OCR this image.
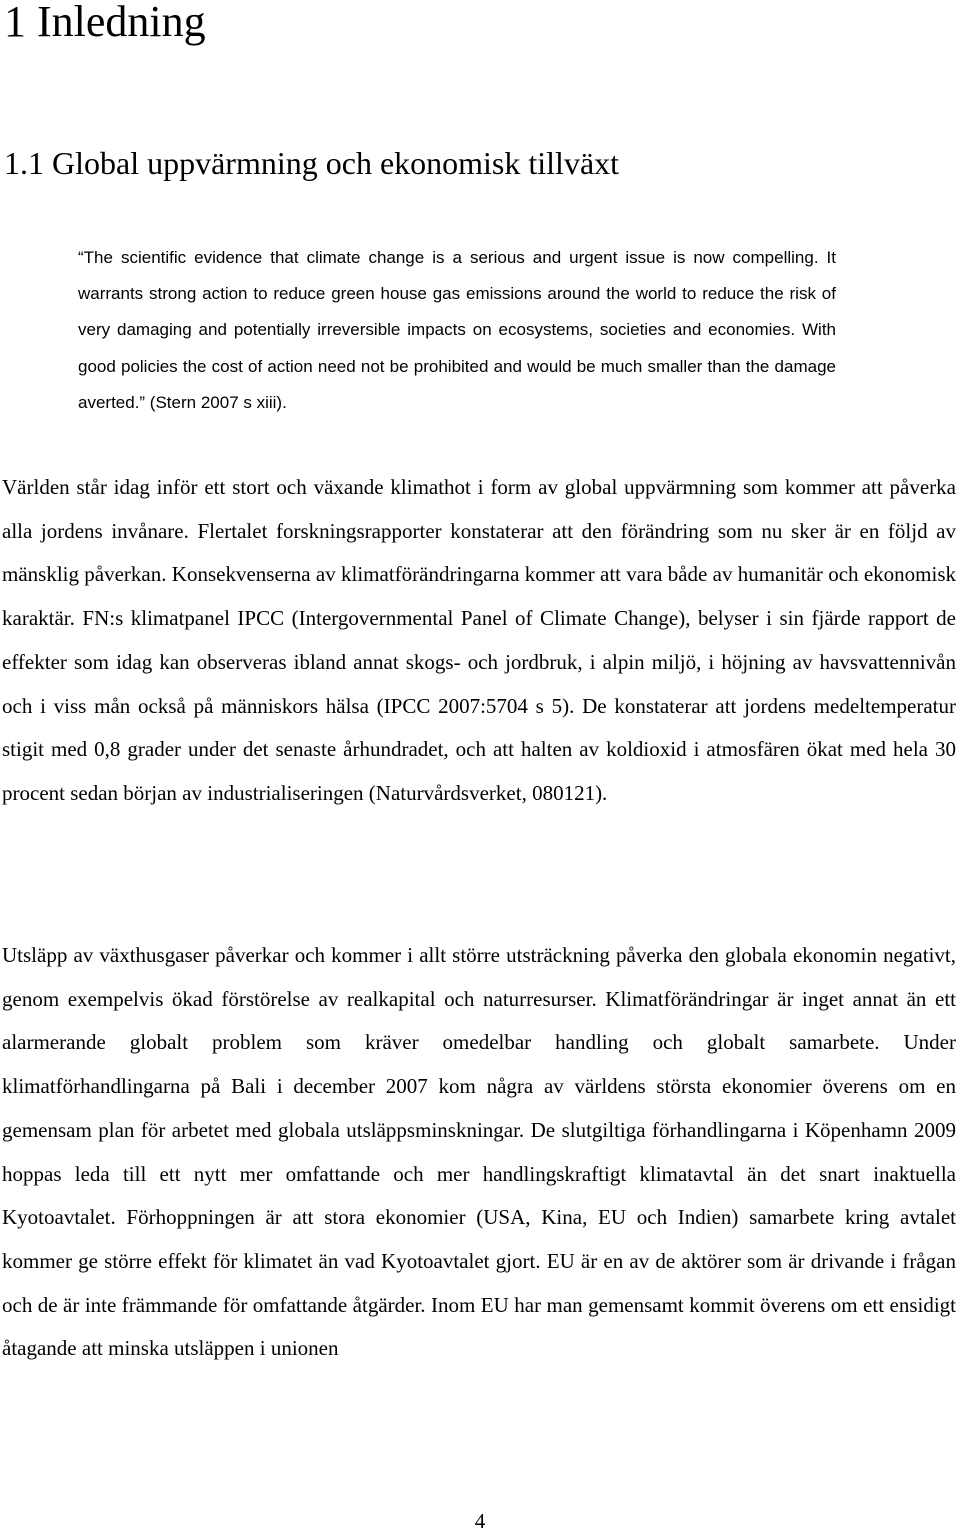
1 Inledning
1.1 Global uppvärmning och ekonomisk tillväxt

“The scientific evidence that climate change is a serious and urgent issue is now compelling. It warrants strong action to reduce green house gas emissions around the world to reduce the risk of very damaging and potentially irreversible impacts on ecosystems, societies and economies. With good policies the cost of action need not be prohibited and would be much smaller than the damage averted.” (Stern 2007 s xiii).

Världen står idag inför ett stort och växande klimathot i form av global uppvärmning som kommer att påverka alla jordens invånare. Flertalet forskningsrapporter konstaterar att den förändring som nu sker är en följd av mänsklig påverkan. Konsekvenserna av klimatförändringarna kommer att vara både av humanitär och ekonomisk karaktär. FN:s klimatpanel IPCC (Intergovernmental Panel of Climate Change), belyser i sin fjärde rapport de effekter som idag kan observeras ibland annat skogs- och jordbruk, i alpin miljö, i höjning av havsvattennivån och i viss mån också på människors hälsa (IPCC 2007:5704 s 5). De konstaterar att jordens medeltemperatur stigit med 0,8 grader under det senaste århundradet, och att halten av koldioxid i atmosfären ökat med hela 30 procent sedan början av industrialiseringen (Naturvårdsverket, 080121).

Utsläpp av växthusgaser påverkar och kommer i allt större utsträckning påverka den globala ekonomin negativt, genom exempelvis ökad förstörelse av realkapital och naturresurser. Klimatförändringar är inget annat än ett alarmerande globalt problem som kräver omedelbar handling och globalt samarbete. Under klimatförhandlingarna på Bali i december 2007 kom några av världens största ekonomier överens om en gemensam plan för arbetet med globala utsläppsminskningar. De slutgiltiga förhandlingarna i Köpenhamn 2009 hoppas leda till ett nytt mer omfattande och mer handlingskraftigt klimatavtal än det snart inaktuella Kyotoavtalet. Förhoppningen är att stora ekonomier (USA, Kina, EU och Indien) samarbete kring avtalet kommer ge större effekt för klimatet än vad Kyotoavtalet gjort. EU är en av de aktörer som är drivande i frågan och de är inte främmande för omfattande åtgärder. Inom EU har man gemensamt kommit överens om ett ensidigt åtagande att minska utsläppen i unionen

4
